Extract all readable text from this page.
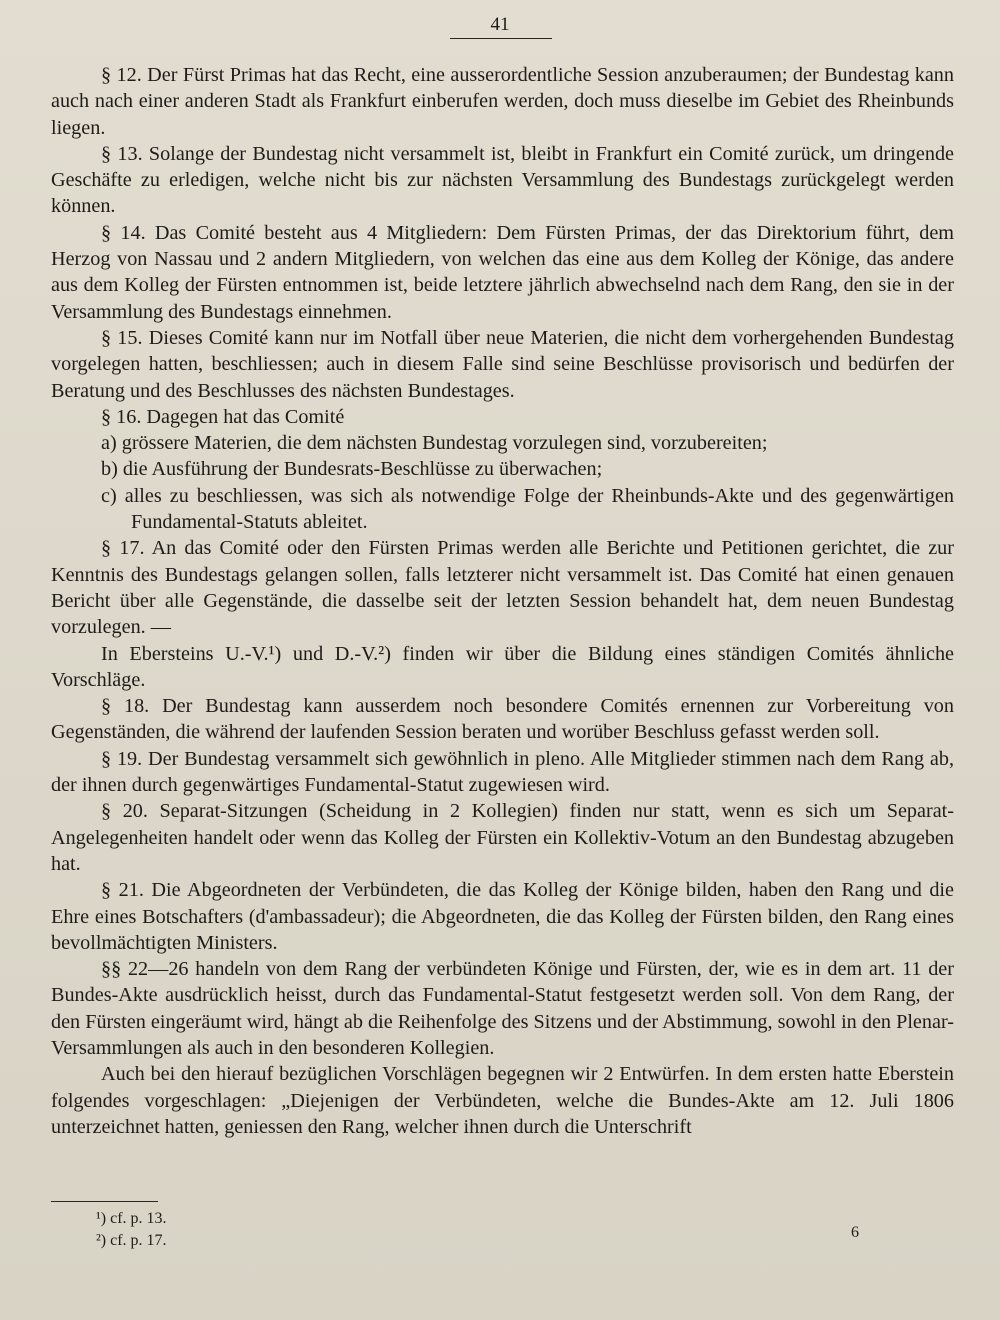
41

§ 12. Der Fürst Primas hat das Recht, eine ausserordentliche Session anzuberaumen; der Bundestag kann auch nach einer anderen Stadt als Frankfurt einberufen werden, doch muss dieselbe im Gebiet des Rheinbunds liegen.

§ 13. Solange der Bundestag nicht versammelt ist, bleibt in Frankfurt ein Comité zurück, um dringende Geschäfte zu erledigen, welche nicht bis zur nächsten Versammlung des Bundestags zurückgelegt werden können.

§ 14. Das Comité besteht aus 4 Mitgliedern: Dem Fürsten Primas, der das Direktorium führt, dem Herzog von Nassau und 2 andern Mitgliedern, von welchen das eine aus dem Kolleg der Könige, das andere aus dem Kolleg der Fürsten entnommen ist, beide letztere jährlich abwechselnd nach dem Rang, den sie in der Versammlung des Bundestags einnehmen.

§ 15. Dieses Comité kann nur im Notfall über neue Materien, die nicht dem vorhergehenden Bundestag vorgelegen hatten, beschliessen; auch in diesem Falle sind seine Beschlüsse provisorisch und bedürfen der Beratung und des Beschlusses des nächsten Bundestages.

§ 16. Dagegen hat das Comité

a) grössere Materien, die dem nächsten Bundestag vorzulegen sind, vorzubereiten;

b) die Ausführung der Bundesrats-Beschlüsse zu überwachen;

c) alles zu beschliessen, was sich als notwendige Folge der Rheinbunds-Akte und des gegenwärtigen Fundamental-Statuts ableitet.

§ 17. An das Comité oder den Fürsten Primas werden alle Berichte und Petitionen gerichtet, die zur Kenntnis des Bundestags gelangen sollen, falls letzterer nicht versammelt ist. Das Comité hat einen genauen Bericht über alle Gegenstände, die dasselbe seit der letzten Session behandelt hat, dem neuen Bundestag vorzulegen. —

In Ebersteins U.-V.¹) und D.-V.²) finden wir über die Bildung eines ständigen Comités ähnliche Vorschläge.

§ 18. Der Bundestag kann ausserdem noch besondere Comités ernennen zur Vorbereitung von Gegenständen, die während der laufenden Session beraten und worüber Beschluss gefasst werden soll.

§ 19. Der Bundestag versammelt sich gewöhnlich in pleno. Alle Mitglieder stimmen nach dem Rang ab, der ihnen durch gegenwärtiges Fundamental-Statut zugewiesen wird.

§ 20. Separat-Sitzungen (Scheidung in 2 Kollegien) finden nur statt, wenn es sich um Separat-Angelegenheiten handelt oder wenn das Kolleg der Fürsten ein Kollektiv-Votum an den Bundestag abzugeben hat.

§ 21. Die Abgeordneten der Verbündeten, die das Kolleg der Könige bilden, haben den Rang und die Ehre eines Botschafters (d'ambassadeur); die Abgeordneten, die das Kolleg der Fürsten bilden, den Rang eines bevollmächtigten Ministers.

§§ 22—26 handeln von dem Rang der verbündeten Könige und Fürsten, der, wie es in dem art. 11 der Bundes-Akte ausdrücklich heisst, durch das Fundamental-Statut festgesetzt werden soll. Von dem Rang, der den Fürsten eingeräumt wird, hängt ab die Reihenfolge des Sitzens und der Abstimmung, sowohl in den Plenar-Versammlungen als auch in den besonderen Kollegien.

Auch bei den hierauf bezüglichen Vorschlägen begegnen wir 2 Entwürfen. In dem ersten hatte Eberstein folgendes vorgeschlagen: „Diejenigen der Verbündeten, welche die Bundes-Akte am 12. Juli 1806 unterzeichnet hatten, geniessen den Rang, welcher ihnen durch die Unterschrift

¹) cf. p. 13.

²) cf. p. 17.	6
